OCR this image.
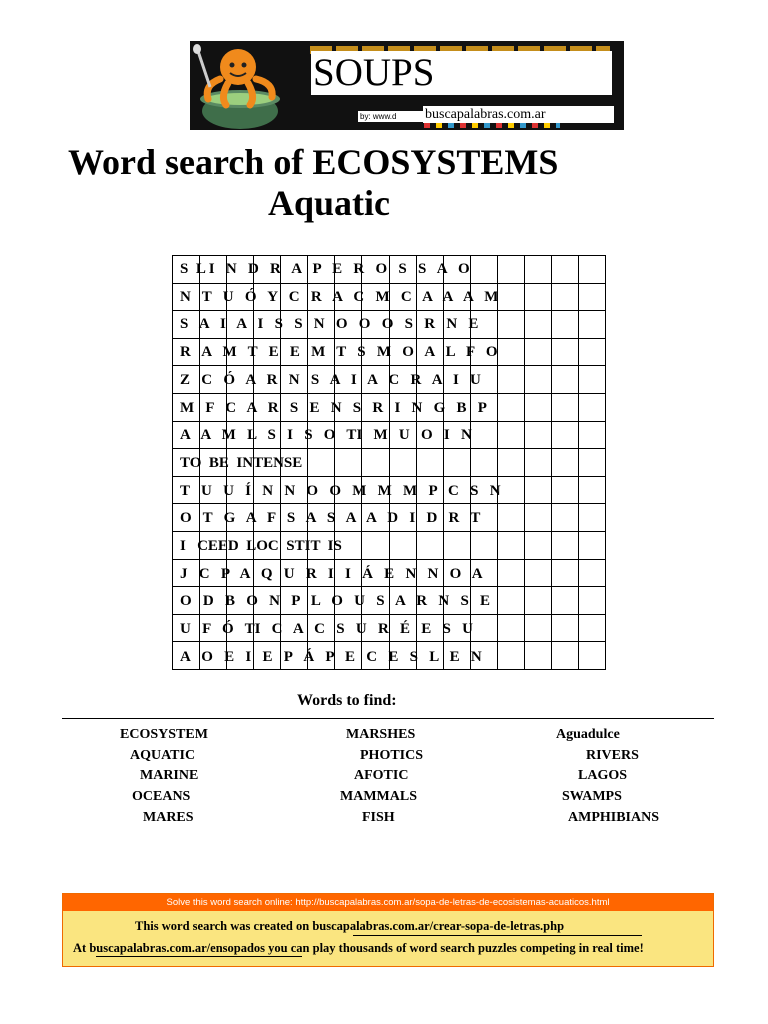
SOUPS
by: www.d	buscapalabras.com.ar
Word search of ECOSYSTEMS
Aquatic

S  L I   N   D   R   A   P   E   R   O   S   S   A   O
N   T   U   Ó   Y   C   R   A   C   M   C   A   A   A   M
S   A   I   A   I   S   S   N   O   O   O   S   R   N   E
R   A   M   T   E   E   M   T   S   M   O   A   L   F   O
Z   C   Ó   A   R   N   S   A   I   A   C   R   A   I   U
M   F   C   A   R   S   E   N   S   R   I   N   G   B   P
A   A   M   L   S   I   S   O   TI   M   U   O   I   N
TO  BE  INTENSE
T   U   U   Í   N   N   O   O   M   M   M   P   C   S   N
O   T   G   A   F   S   A   S   A   A   D   I   D   R   T
I   CEED  LOC  STIT  IS
J   C   P   A   Q   U   R   I   I   Á   E   N   N   O   A
O   D   B   O   N   P   L   O   U   S   A   R   N   S   E
U   F   Ó   TI   C   A   C   S   U   R   É   E   S   U
A   O   E   I   E   P   Á   P   E   C   E   S   L   E   N
Words to find:
ECOSYSTEM	MARSHES	Aguadulce
AQUATIC	PHOTICS	RIVERS
MARINE	AFOTIC	LAGOS
OCEANS	MAMMALS	SWAMPS
MARES	FISH	AMPHIBIANS
Solve this word search online: http://buscapalabras.com.ar/sopa-de-letras-de-ecosistemas-acuaticos.html
This word search was created on buscapalabras.com.ar/crear-sopa-de-letras.php
At buscapalabras.com.ar/ensopados you can play thousands of word search puzzles competing in real time!
